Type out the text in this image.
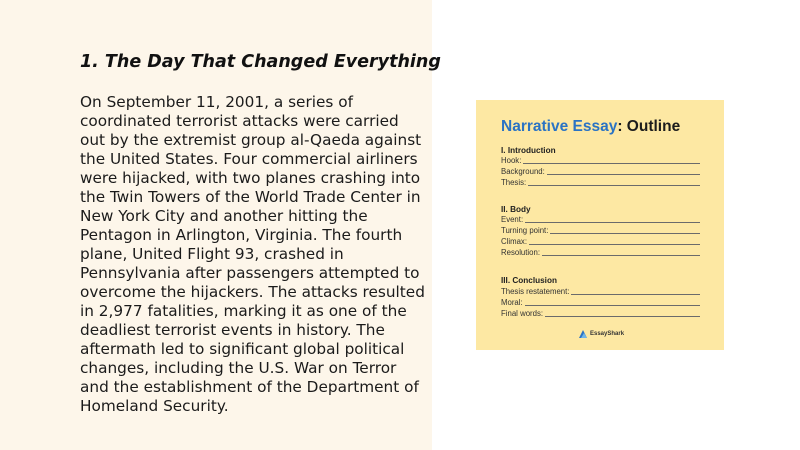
1. The Day That Changed Everything

On September 11, 2001, a series of coordinated terrorist attacks were carried out by the extremist group al-Qaeda against the United States. Four commercial airliners were hijacked, with two planes crashing into the Twin Towers of the World Trade Center in New York City and another hitting the Pentagon in Arlington, Virginia. The fourth plane, United Flight 93, crashed in Pennsylvania after passengers attempted to overcome the hijackers. The attacks resulted in 2,977 fatalities, marking it as one of the deadliest terrorist events in history. The aftermath led to significant global political changes, including the U.S. War on Terror and the establishment of the Department of Homeland Security.

Narrative Essay: Outline
I. Introduction
Hook:
Background:
Thesis:
II. Body
Event:
Turning point:
Climax:
Resolution:
III. Conclusion
Thesis restatement:
Moral:
Final words:
EssayShark
